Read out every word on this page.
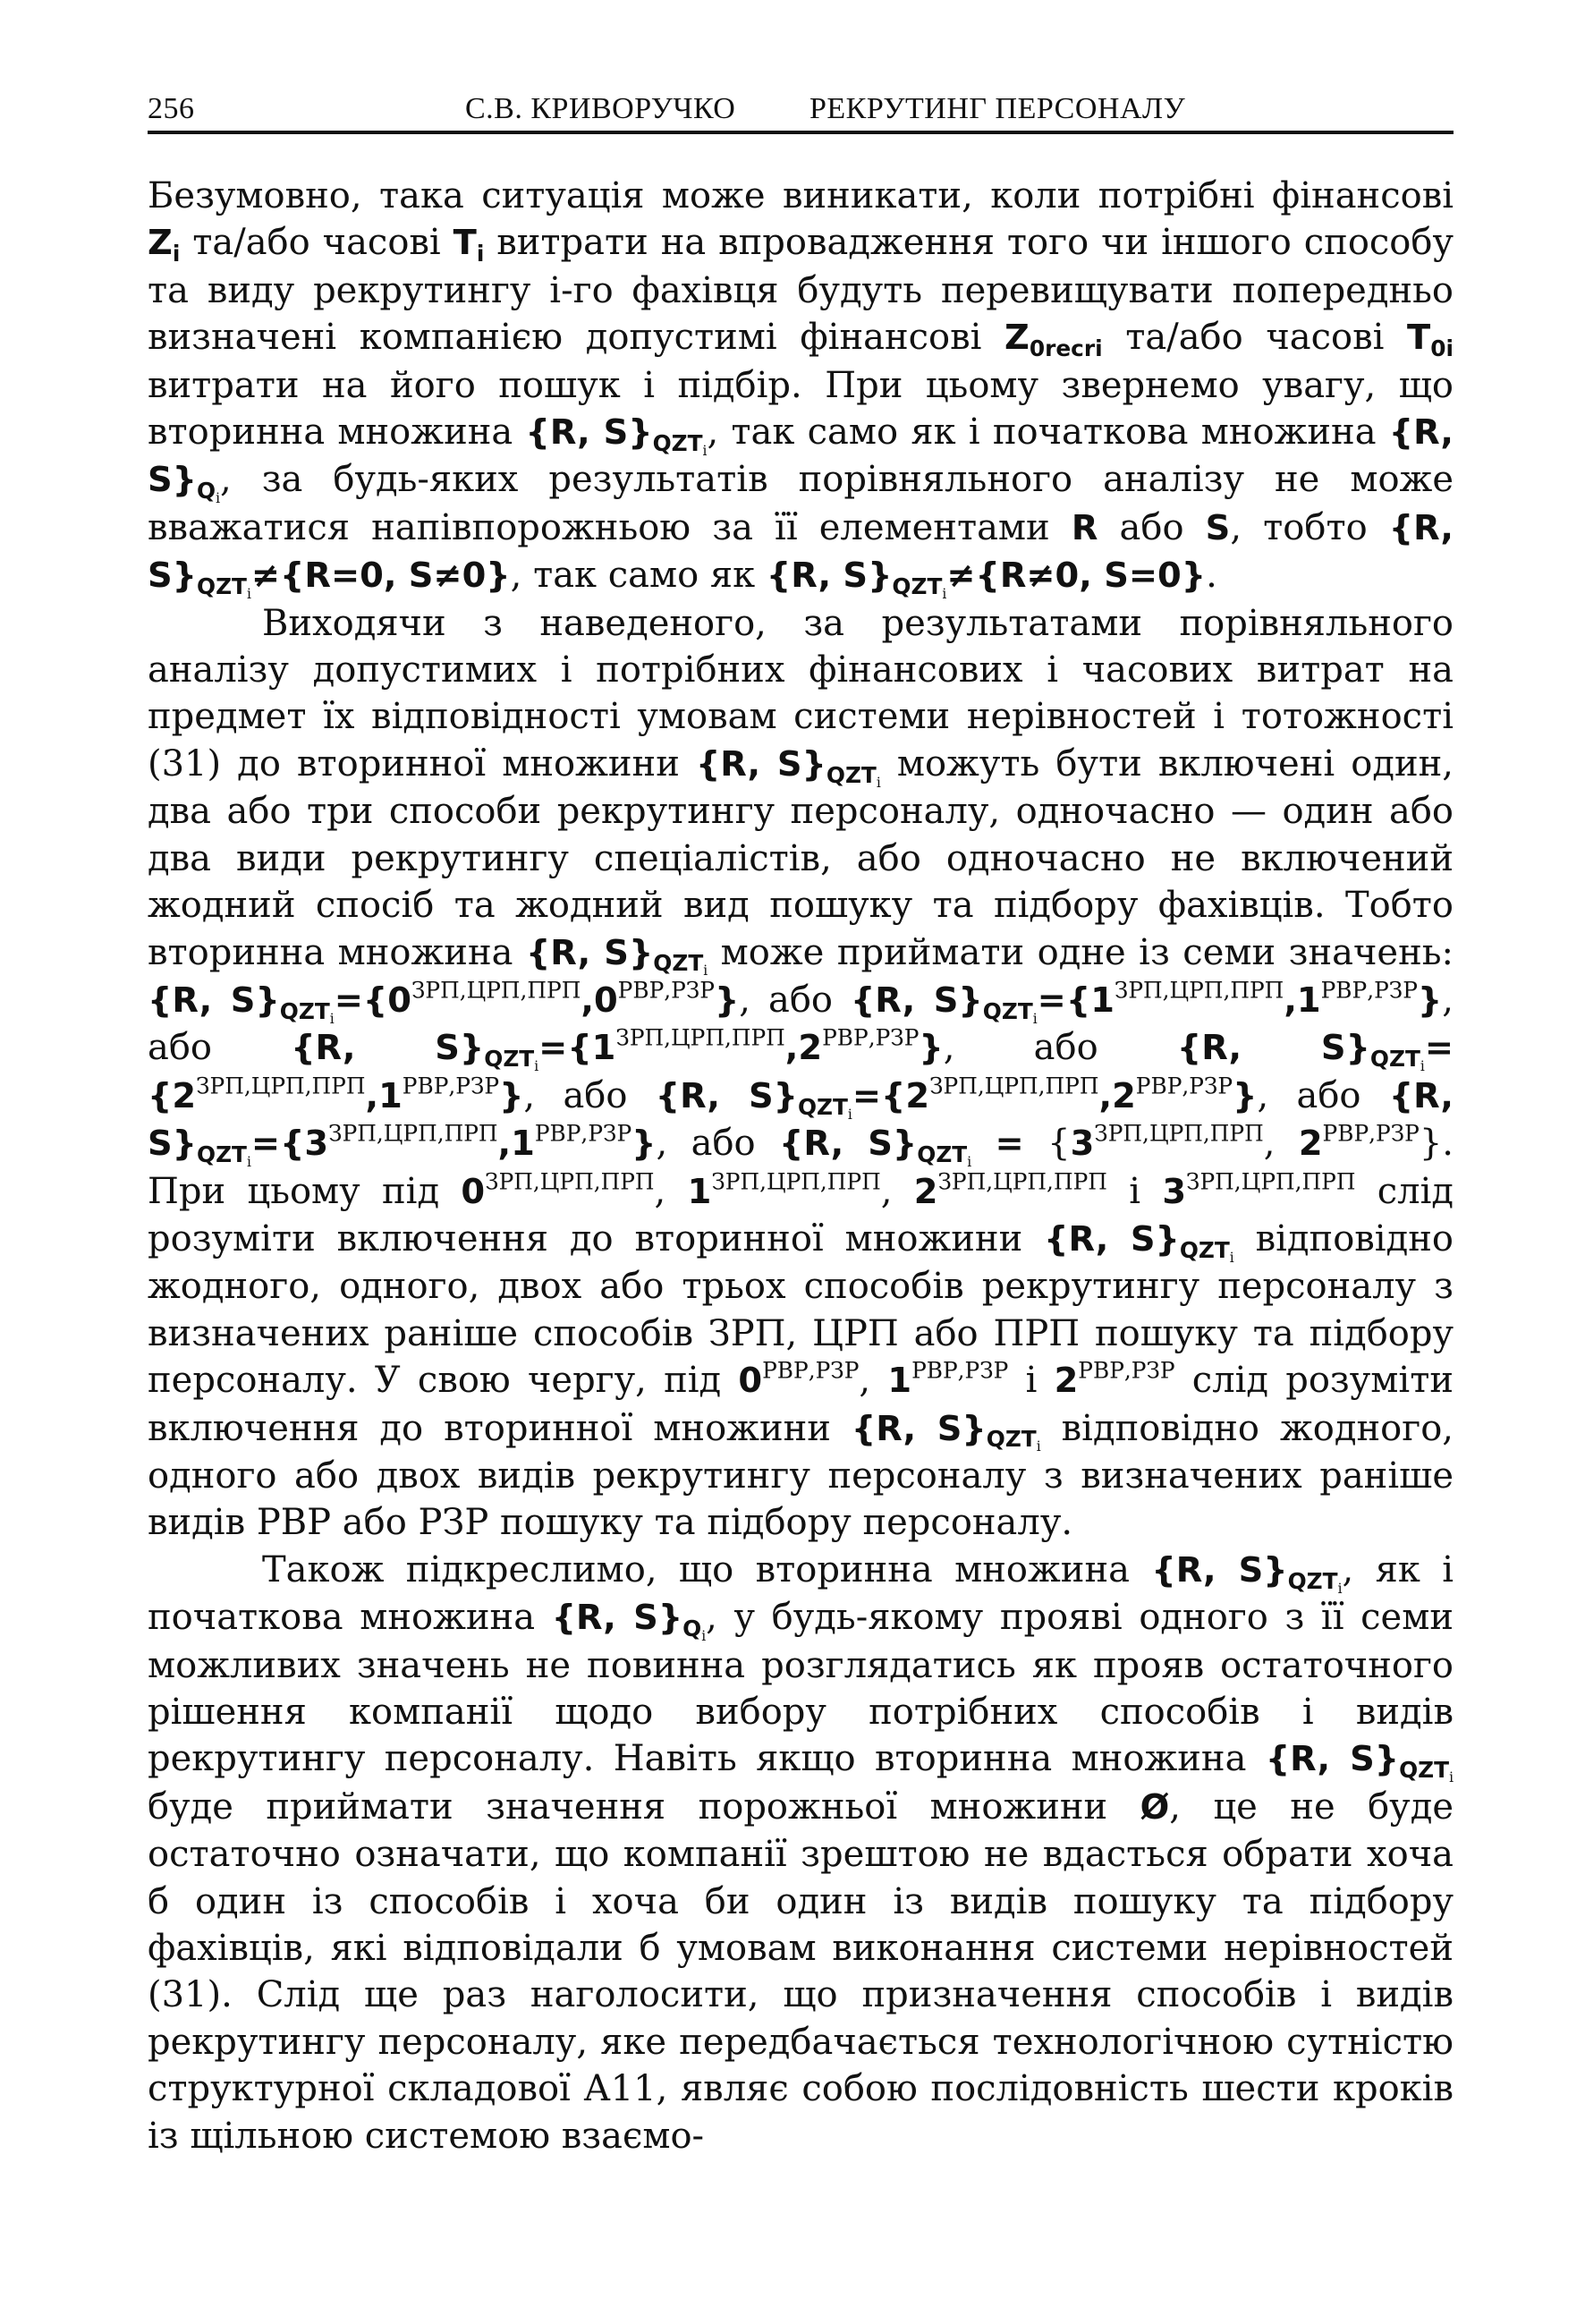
256	С.В. КРИВОРУЧКО РЕКРУТИНГ ПЕРСОНАЛУ

Безумовно, така ситуація може виникати, коли потрібні фінансові $Z_i$ та/або часові $T_i$ витрати на впровадження того чи іншого способу та виду рекрутингу і-го фахівця будуть перевищувати попередньо визначені компанією допустимі фінансові $Z_{0recri}$ та/або часові $T_{0i}$ витрати на його пошук і підбір. При цьому звернемо увагу, що вторинна множина {R, $S\}_{QZT_i}$, так само як і початкова множина {R, $S\}_{Q_i}$, за будь-яких результатів порівняльного аналізу не може вважатися напівпорожньою за її елементами R або S, тобто {R, $S\}_{QZT_i}\ne\{R=0$, S≠0}, так само як {R, $S\}_{QZT_i}\ne\{R\ne 0$, S=0}.

Виходячи з наведеного, за результатами порівняльного аналізу допустимих і потрібних фінансових і часових витрат на предмет їх відповідності умовам системи нерівностей і тотожності (31) до вторинної множини {R, $S\}_{QZT_i}$ можуть бути включені один, два або три способи рекрутингу персоналу, одночасно — один або два види рекрутингу спеціалістів, або одночасно не включений жодний спосіб та жодний вид пошуку та підбору фахівців. Тобто вторинна множина {R, $S\}_{QZT_i}$ може приймати одне із семи значень: {R, $S\}_{QZT_i}=\{0^{ЗРП,ЦРП,ПРП},0^{РВР,РЗР}\}$, або {R, $S\}_{QZT_i}=\{1^{ЗРП,ЦРП,ПРП},1^{РВР,РЗР}\}$, або {R, $S\}_{QZT_i}=\{1^{ЗРП,ЦРП,ПРП},2^{РВР,РЗР}\}$, або {R, $S\}_{QZT_i}=\{2^{ЗРП,ЦРП,ПРП},1^{РВР,РЗР}\}$, або {R, $S\}_{QZT_i}=\{2^{ЗРП,ЦРП,ПРП},2^{РВР,РЗР}\}$, або {R, $S\}_{QZT_i}=\{3^{ЗРП,ЦРП,ПРП},1^{РВР,РЗР}\}$, або {R, $S\}_{QZT_i} = \{3^{ЗРП,ЦРП,ПРП}$, $2^{РВР,РЗР}$}. При цьому під $0^{ЗРП,ЦРП,ПРП}$, $1^{ЗРП,ЦРП,ПРП}$, $2^{ЗРП,ЦРП,ПРП}$ і $3^{ЗРП,ЦРП,ПРП}$ слід розуміти включення до вторинної множини {R, $S\}_{QZT_i}$ відповідно жодного, одного, двох або трьох способів рекрутингу персоналу з визначених раніше способів ЗРП, ЦРП або ПРП пошуку та підбору персоналу. У свою чергу, під $0^{РВР,РЗР}$, $1^{РВР,РЗР}$ і $2^{РВР,РЗР}$ слід розуміти включення до вторинної множини {R, $S\}_{QZT_i}$ відповідно жодного, одного або двох видів рекрутингу персоналу з визначених раніше видів РВР або РЗР пошуку та підбору персоналу.

Також підкреслимо, що вторинна множина {R, $S\}_{QZT_i}$, як і початкова множина {R, $S\}_{Q_i}$, у будь-якому прояві одного з її семи можливих значень не повинна розглядатись як прояв остаточного рішення компанії щодо вибору потрібних способів і видів рекрутингу персоналу. Навіть якщо вторинна множина {R, $S\}_{QZT_i}$ буде приймати значення порожньої множини Ø, це не буде остаточно означати, що компанії зрештою не вдасться обрати хоча б один із способів і хоча би один із видів пошуку та підбору фахівців, які відповідали б умовам виконання системи нерівностей (31). Слід ще раз наголосити, що призначення способів і видів рекрутингу персоналу, яке передбачається технологічною сутністю структурної складової А11, являє собою послідовність шести кроків із щільною системою взаємо-
